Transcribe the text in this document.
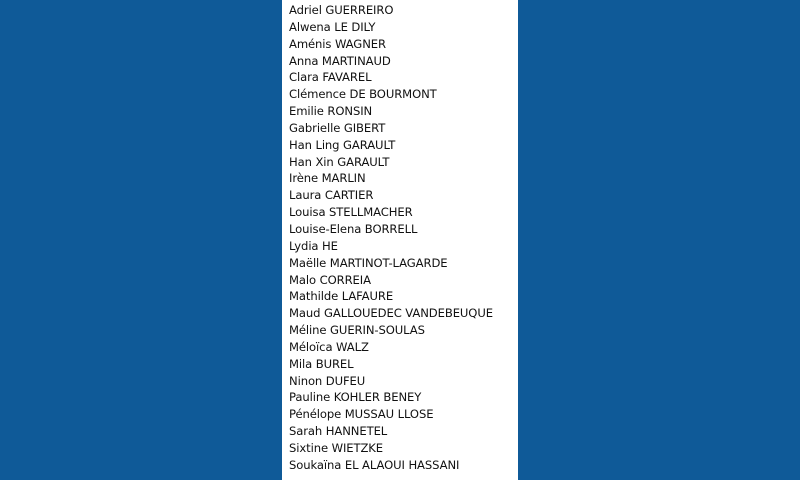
Adriel GUERREIRO
Alwena LE DILY
Aménis WAGNER
Anna MARTINAUD
Clara FAVAREL
Clémence DE BOURMONT
Emilie RONSIN
Gabrielle GIBERT
Han Ling GARAULT
Han Xin GARAULT
Irène MARLIN
Laura CARTIER
Louisa STELLMACHER
Louise-Elena BORRELL
Lydia HE
Maëlle MARTINOT-LAGARDE
Malo CORREIA
Mathilde LAFAURE
Maud GALLOUEDEC VANDEBEUQUE
Méline GUERIN-SOULAS
Méloïca WALZ
Mila BUREL
Ninon DUFEU
Pauline KOHLER BENEY
Pénélope MUSSAU LLOSE
Sarah HANNETEL
Sixtine WIETZKE
Soukaïna EL ALAOUI HASSANI
